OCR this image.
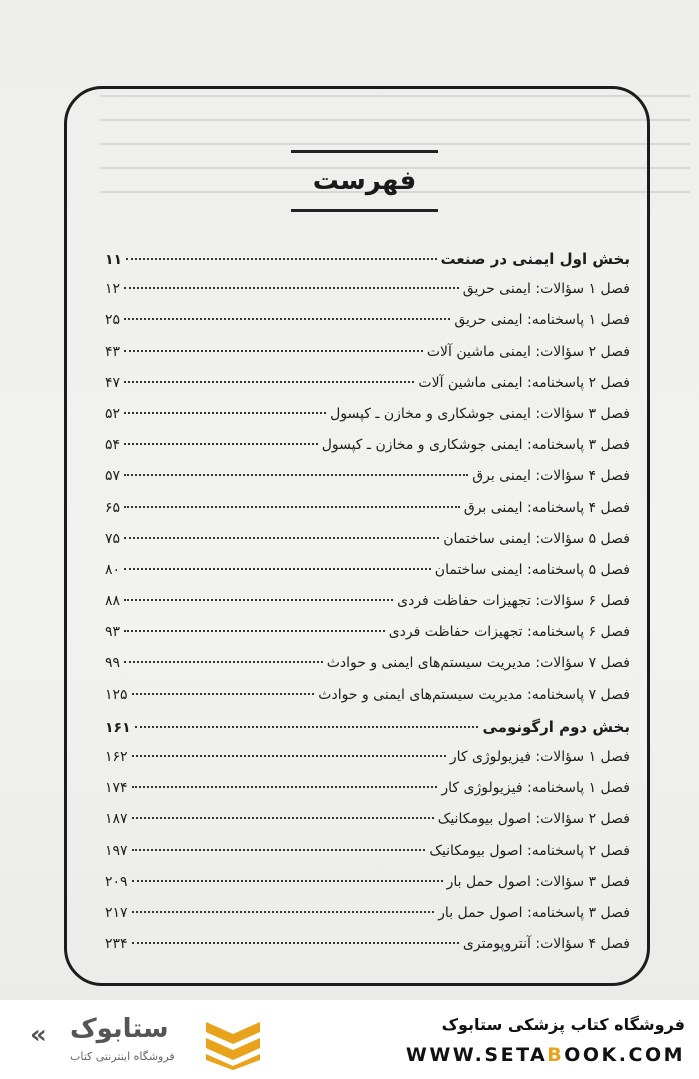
فهرست
بخش اول ایمنی در صنعت
۱۱
فصل ۱ سؤالات: ایمنی حریق
۱۲
فصل ۱ پاسخنامه: ایمنی حریق
۲۵
فصل ۲ سؤالات: ایمنی ماشین آلات
۴۳
فصل ۲ پاسخنامه: ایمنی ماشین آلات
۴۷
فصل ۳ سؤالات: ایمنی جوشکاری و مخازن ـ کپسول
۵۲
فصل ۳ پاسخنامه: ایمنی جوشکاری و مخازن ـ کپسول
۵۴
فصل ۴ سؤالات: ایمنی برق
۵۷
فصل ۴ پاسخنامه: ایمنی برق
۶۵
فصل ۵ سؤالات: ایمنی ساختمان
۷۵
فصل ۵ پاسخنامه: ایمنی ساختمان
۸۰
فصل ۶ سؤالات: تجهیزات حفاظت فردی
۸۸
فصل ۶ پاسخنامه: تجهیزات حفاظت فردی
۹۳
فصل ۷ سؤالات: مدیریت سیستم‌های ایمنی و حوادث
۹۹
فصل ۷ پاسخنامه: مدیریت سیستم‌های ایمنی و حوادث
۱۲۵
بخش دوم ارگونومی
۱۶۱
فصل ۱ سؤالات: فیزیولوژی کار
۱۶۲
فصل ۱ پاسخنامه: فیزیولوژی کار
۱۷۴
فصل ۲ سؤالات: اصول بیومکانیک
۱۸۷
فصل ۲ پاسخنامه: اصول بیومکانیک
۱۹۷
فصل ۳ سؤالات: اصول حمل بار
۲۰۹
فصل ۳ پاسخنامه: اصول حمل بار
۲۱۷
فصل ۴ سؤالات: آنتروپومتری
۲۳۴
« ستابوک
فروشگاه اینترنتی کتاب
فروشگاه کتاب پزشکی ستابوک
WWW.SETABOOK.COM
